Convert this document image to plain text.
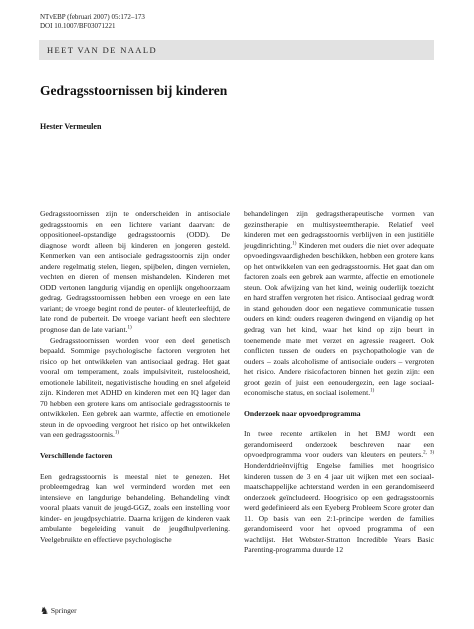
NTvEBP (februari 2007) 05:172–173
DOI 10.1007/BF03071221
HEET VAN DE NAALD
Gedragsstoornissen bij kinderen
Hester Vermeulen

Gedragsstoornissen zijn te onderscheiden in antisociale gedragsstoornis en een lichtere variant daarvan: de oppositioneel-opstandige gedragsstoornis (ODD). De diagnose wordt alleen bij kinderen en jongeren gesteld. Kenmerken van een antisociale gedragsstoornis zijn onder andere regelmatig stelen, liegen, spijbelen, dingen vernielen, vechten en dieren of mensen mishandelen. Kinderen met ODD vertonen langdurig vijandig en openlijk ongehoorzaam gedrag. Gedragsstoornissen hebben een vroege en een late variant; de vroege begint rond de peuter- of kleuterleeftijd, de late rond de puberteit. De vroege variant heeft een slechtere prognose dan de late variant.$^{1)}$

Gedragsstoornissen worden voor een deel genetisch bepaald. Sommige psychologische factoren vergroten het risico op het ontwikkelen van antisociaal gedrag. Het gaat vooral om temperament, zoals impulsiviteit, rusteloosheid, emotionele labiliteit, negativistische houding en snel afgeleid zijn. Kinderen met ADHD en kinderen met een IQ lager dan 70 hebben een grotere kans om antisociale gedragsstoornis te ontwikkelen. Een gebrek aan warmte, affectie en emotionele steun in de opvoeding vergroot het risico op het ontwikkelen van een gedragsstoornis.$^{1)}$

Verschillende factoren

Een gedragsstoornis is meestal niet te genezen. Het probleemgedrag kan wel verminderd worden met een intensieve en langdurige behandeling. Behandeling vindt vooral plaats vanuit de jeugd-GGZ, zoals een instelling voor kinder- en jeugdpsychiatrie. Daarna krijgen de kinderen vaak ambulante begeleiding vanuit de jeugdhulpverlening. Veelgebruikte en effectieve psychologische

behandelingen zijn gedragstherapeutische vormen van gezinstherapie en multisysteemtherapie. Relatief veel kinderen met een gedragsstoornis verblijven in een justitiële jeugdinrichting.$^{1)}$ Kinderen met ouders die niet over adequate opvoedingsvaardigheden beschikken, hebben een grotere kans op het ontwikkelen van een gedragsstoornis. Het gaat dan om factoren zoals een gebrek aan warmte, affectie en emotionele steun. Ook afwijzing van het kind, weinig ouderlijk toezicht en hard straffen vergroten het risico. Antisociaal gedrag wordt in stand gehouden door een negatieve communicatie tussen ouders en kind: ouders reageren dwingend en vijandig op het gedrag van het kind, waar het kind op zijn beurt in toenemende mate met verzet en agressie reageert. Ook conflicten tussen de ouders en psychopathologie van de ouders – zoals alcoholisme of antisociale ouders – vergroten het risico. Andere risicofactoren binnen het gezin zijn: een groot gezin of juist een eenoudergezin, een lage sociaal-economische status, en sociaal isolement.$^{1)}$

Onderzoek naar opvoedprogramma

In twee recente artikelen in het BMJ wordt een gerandomiseerd onderzoek beschreven naar een opvoedprogramma voor ouders van kleuters en peuters.$^{2, 3)}$ Honderddrieënvijftig Engelse families met hoogrisico kinderen tussen de 3 en 4 jaar uit wijken met een sociaal-maatschappelijke achterstand werden in een gerandomiseerd onderzoek geïncludeerd. Hoogrisico op een gedragsstoornis werd gedefinieerd als een Eyeberg Probleem Score groter dan 11. Op basis van een 2:1-principe werden de families gerandomiseerd voor het opvoed programma of een wachtlijst. Het Webster-Stratton Incredible Years Basic Parenting-programma duurde 12

♞ Springer
